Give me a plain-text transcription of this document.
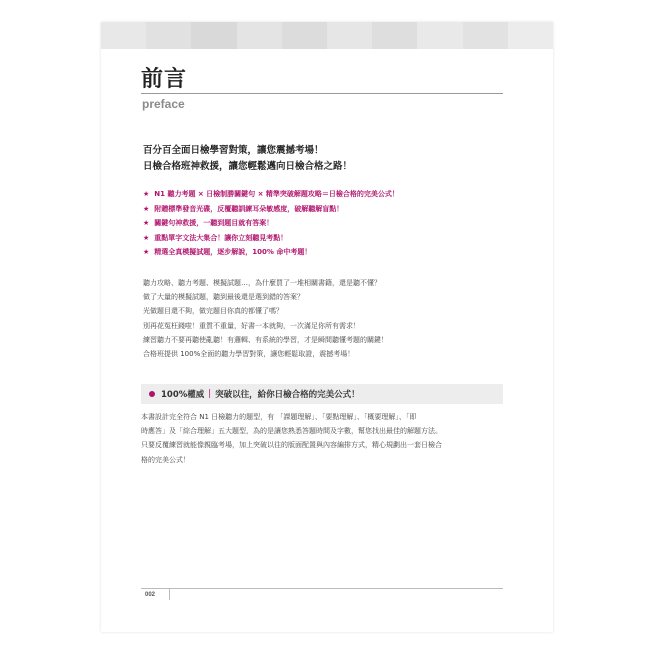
前言
preface
百分百全面日檢學習對策，讓您震撼考場！
日檢合格班神救援，讓您輕鬆邁向日檢合格之路！
★ N1 聽力考題 × 日檢制勝關鍵句 × 精準突破解題攻略＝日檢合格的完美公式！
★ 附贈標準發音光碟，反覆聽訓練耳朵敏感度，破解聽解盲點！
★ 關鍵句神救援，一聽到題目就有答案！
★ 重點單字文法大集合！讓你立刻聽見考點！
★ 精選全真模擬試題，逐步解說，100% 命中考題！
聽力攻略、聽力考題、模擬試題…，為什麼買了一堆相關書籍，還是聽不懂？
做了大量的模擬試題，聽到最後還是選到錯的答案？
光做題目還不夠，做完題目你真的都懂了嗎？
別再花冤枉錢啦！重質不重量，好書一本就夠，一次滿足你所有需求！
練習聽力不要再聽使亂聽！有邏輯、有系統的學習，才是瞬間聽懂考題的關鍵！
合格班提供 100%全面的聽力學習對策，讓您輕鬆取證，震撼考場！
100%權威 | 突破以往，給你日檢合格的完美公式！
本書設計完全符合 N1 日檢聽力的題型，有 「課題理解」、「要點理解」、「概要理解」、「即
時應答」及「綜合理解」五大題型，為的是讓您熟悉答題時間及字數，幫您找出最佳的解題方法。
只要反覆練習就能像親臨考場，加上突破以往的版面配置與內容編排方式，精心規劃出一套日檢合
格的完美公式！
002
